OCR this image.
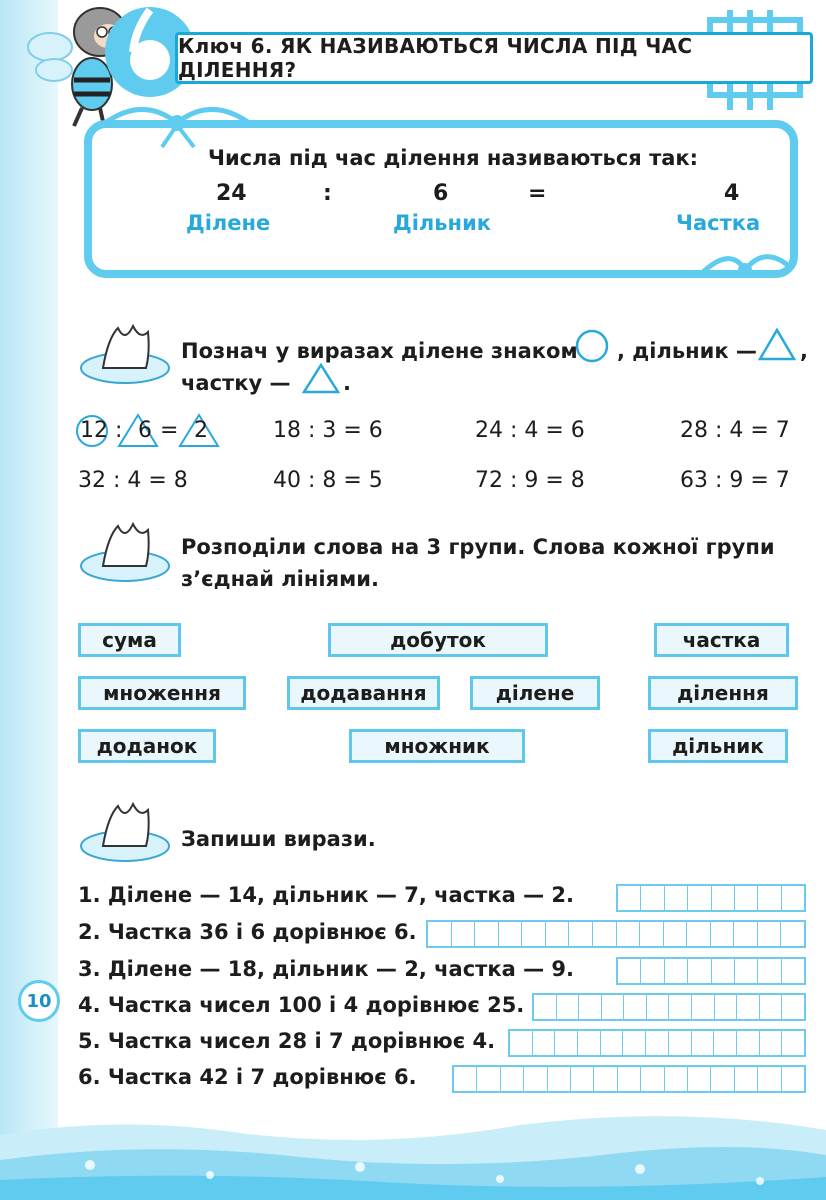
Ключ 6. ЯК НАЗИВАЮТЬСЯ ЧИСЛА ПІД ЧАС ДІЛЕННЯ?
Числа під час ділення називаються так:
24	:	6	=	4
Ділене	Дільник	Частка
Познач у виразах ділене знаком , дільник — ,
частку —	.
12 : 6 = 2	18 : 3 = 6	24 : 4 = 6	28 : 4 = 7
32 : 4 = 8	40 : 8 = 5	72 : 9 = 8	63 : 9 = 7
Розподіли слова на 3 групи. Слова кожної групи
з’єднай лініями.
сума	добуток	частка
множення	додавання	ділене	ділення
доданок	множник	дільник
Запиши вирази.
1. Ділене — 14, дільник — 7, частка — 2.
2. Частка 36 і 6 дорівнює 6.
3. Ділене — 18, дільник — 2, частка — 9.
4. Частка чисел 100 і 4 дорівнює 25.
5. Частка чисел 28 і 7 дорівнює 4.
6. Частка 42 і 7 дорівнює 6.
10
